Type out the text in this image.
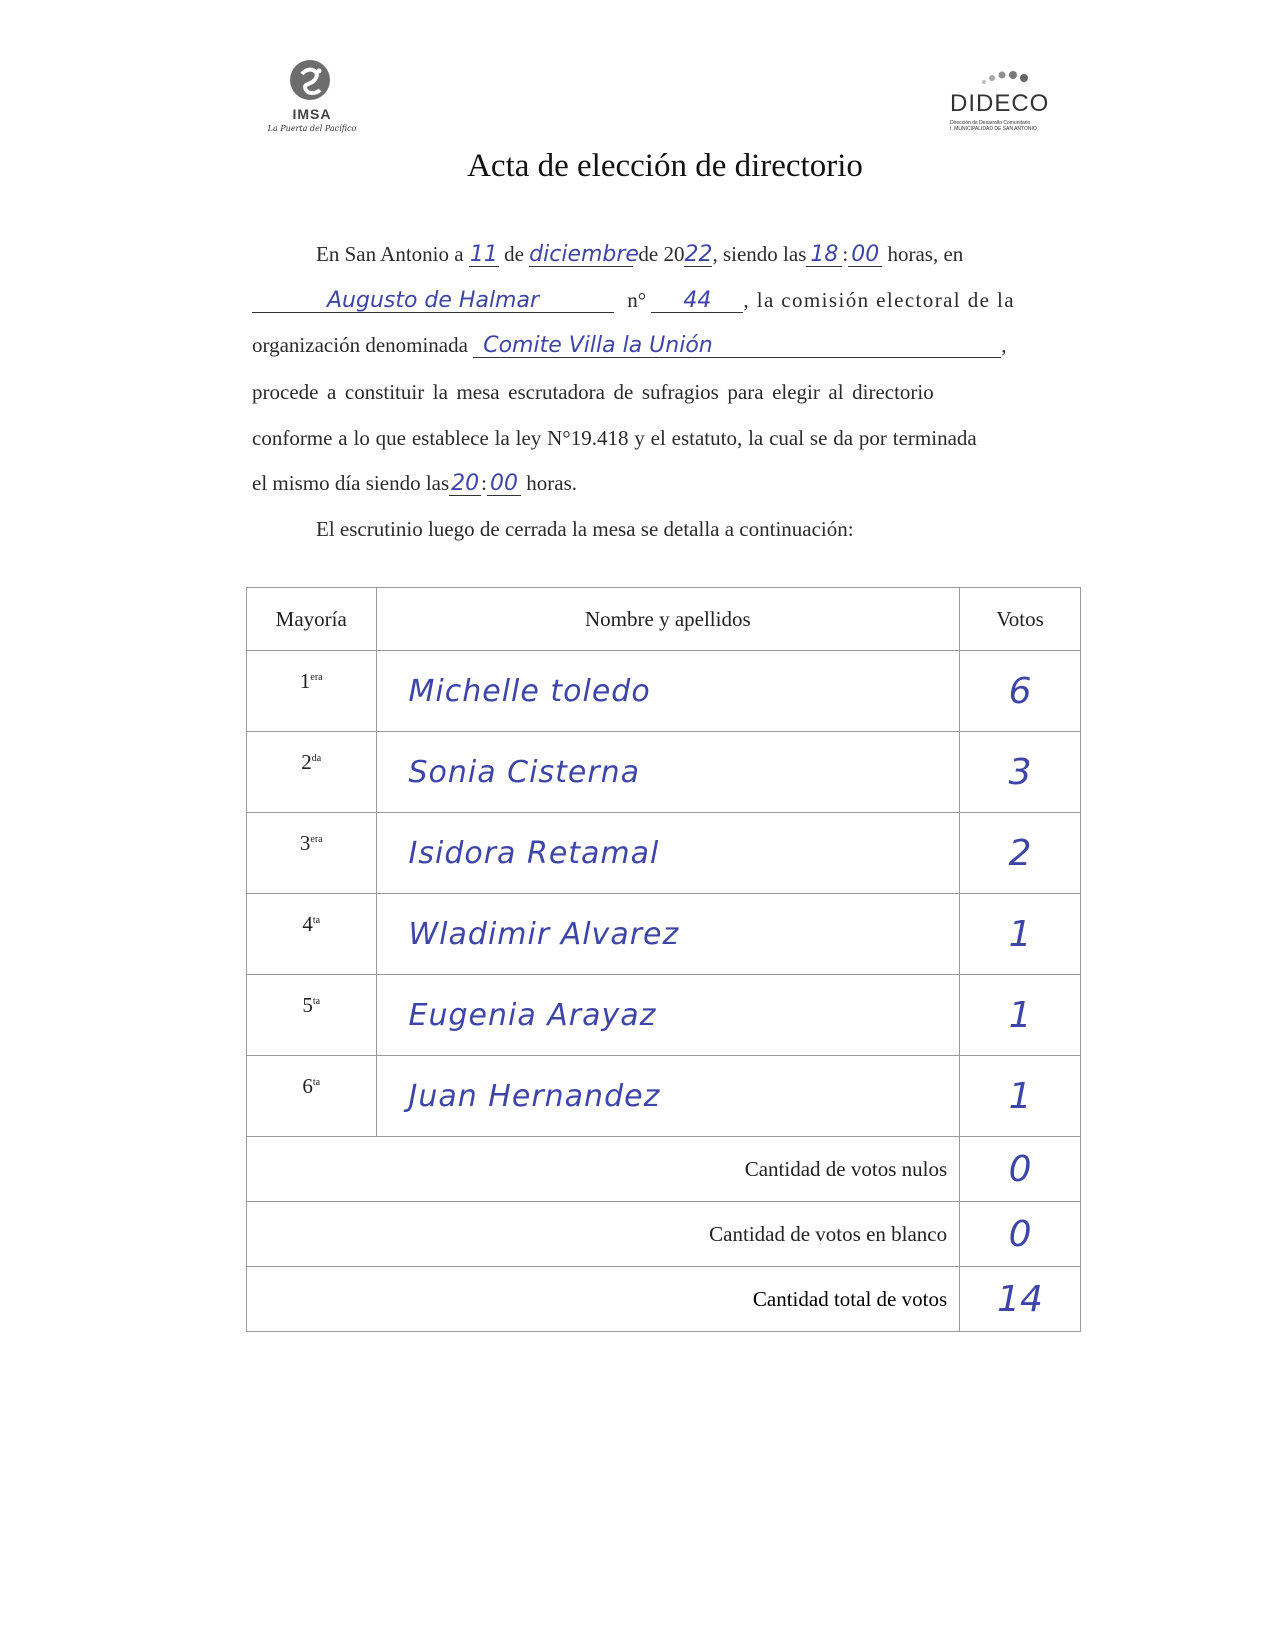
IMSA
La Puerta del Pacífico
DIDECO
Dirección de Desarrollo Comunitario
I. MUNICIPALIDAD DE SAN ANTONIO
Acta de elección de directorio
En San Antonio a 11 de diciembre de 2022, siendo las 18 : 00 horas, en
Augusto de Halmar	n° 44 , la comisión electoral de la
organización denominada Comite Villa la Unión	,
procede a constituir la mesa escrutadora de sufragios para elegir al directorio
conforme a lo que establece la ley N°19.418 y el estatuto, la cual se da por terminada
el mismo día siendo las20: 00 horas.
El escrutinio luego de cerrada la mesa se detalla a continuación:
Mayoría	Nombre y apellidos	Votos
$1^{era}$	Michelle toledo	6
$2^{da}$	Sonia Cisterna	3
$3^{era}$	Isidora Retamal	2
$4^{ta}$	Wladimir Alvarez	1
$5^{ta}$	Eugenia Arayaz	1
$6^{ta}$	Juan Hernandez	1
Cantidad de votos nulos		0
Cantidad de votos en blanco		0
Cantidad total de votos		14
